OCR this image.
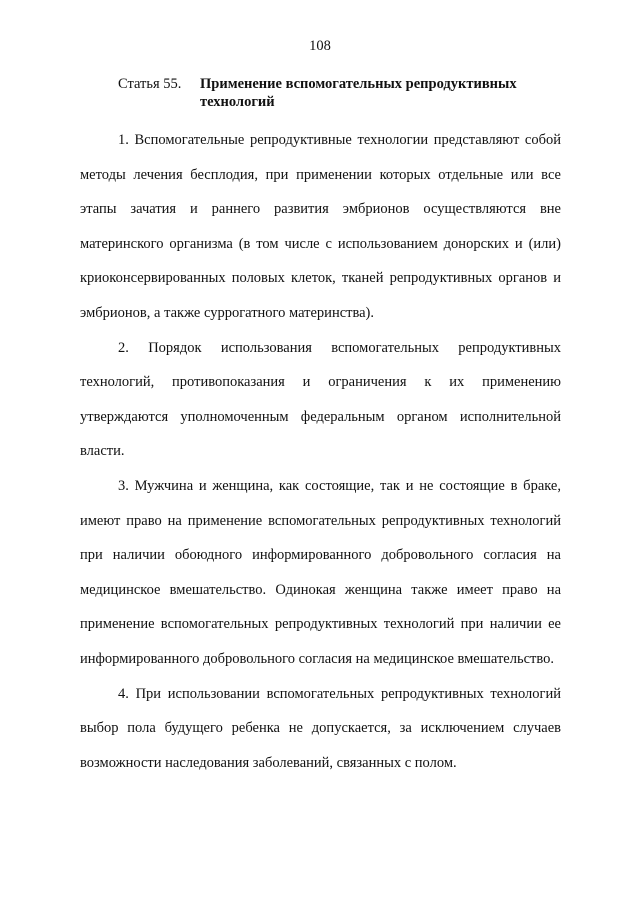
108
Статья 55.	Применение вспомогательных репродуктивных технологий

1. Вспомогательные репродуктивные технологии представляют собой методы лечения бесплодия, при применении которых отдельные или все этапы зачатия и раннего развития эмбрионов осуществляются вне материнского организма (в том числе с использованием донорских и (или) криоконсервированных половых клеток, тканей репродуктивных органов и эмбрионов, а также суррогатного материнства).

2. Порядок использования вспомогательных репродуктивных технологий, противопоказания и ограничения к их применению утверждаются уполномоченным федеральным органом исполнительной власти.

3. Мужчина и женщина, как состоящие, так и не состоящие в браке, имеют право на применение вспомогательных репродуктивных технологий при наличии обоюдного информированного добровольного согласия на медицинское вмешательство. Одинокая женщина также имеет право на применение вспомогательных репродуктивных технологий при наличии ее информированного добровольного согласия на медицинское вмешательство.

4. При использовании вспомогательных репродуктивных технологий выбор пола будущего ребенка не допускается, за исключением случаев возможности наследования заболеваний, связанных с полом.
